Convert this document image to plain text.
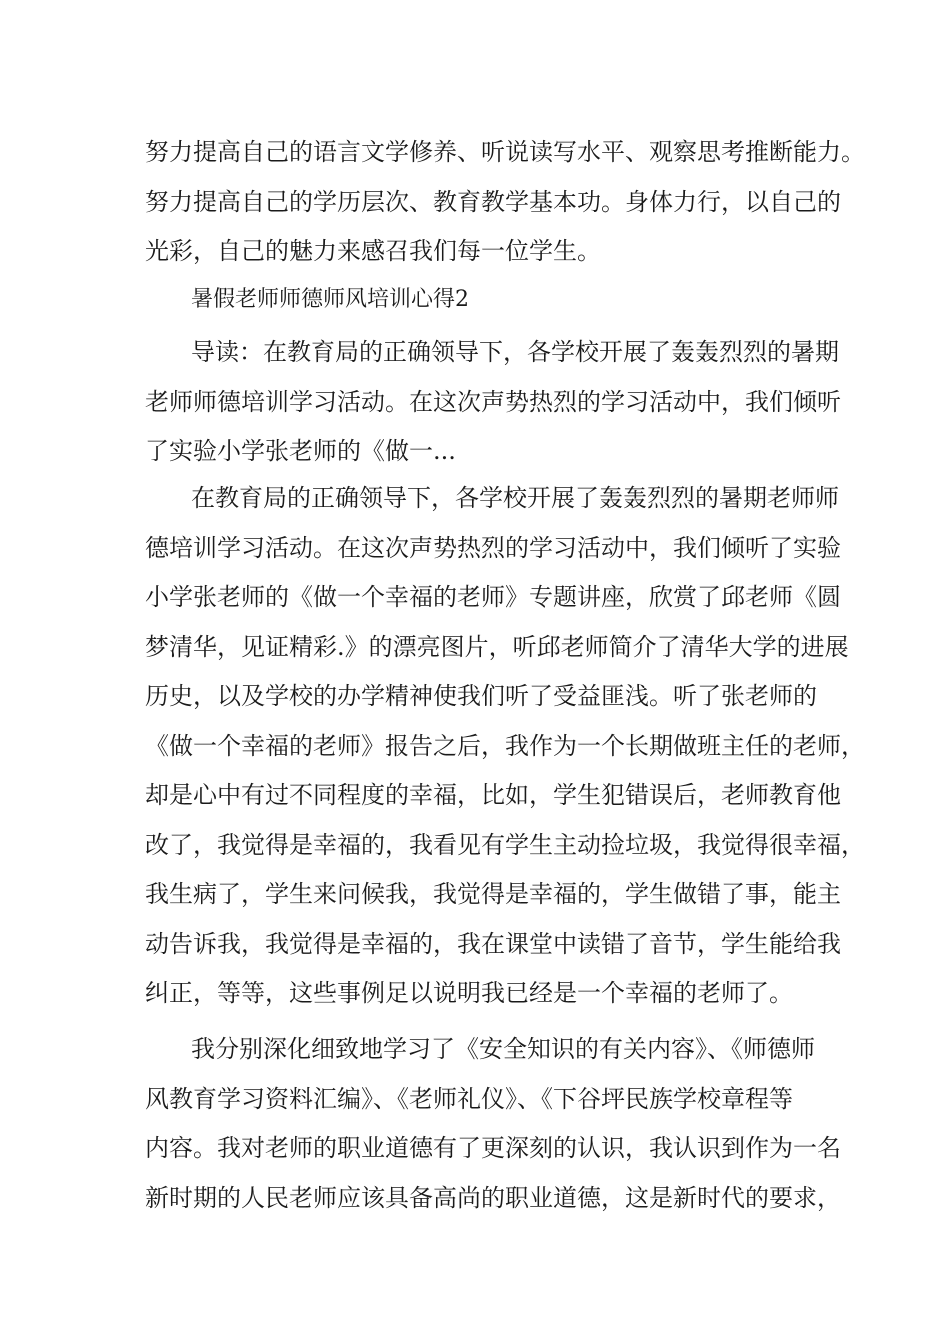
努力提高自己的语言文学修养、听说读写水平、观察思考推断能力。
努力提高自己的学历层次、教育教学基本功。身体力行，以自己的
光彩，自己的魅力来感召我们每一位学生。
暑假老师师德师风培训心得2
导读：在教育局的正确领导下，各学校开展了轰轰烈烈的暑期
老师师德培训学习活动。在这次声势热烈的学习活动中，我们倾听
了实验小学张老师的《做一...
在教育局的正确领导下，各学校开展了轰轰烈烈的暑期老师师
德培训学习活动。在这次声势热烈的学习活动中，我们倾听了实验
小学张老师的《做一个幸福的老师》专题讲座，欣赏了邱老师《圆
梦清华，见证精彩.》的漂亮图片，听邱老师简介了清华大学的进展
历史，以及学校的办学精神使我们听了受益匪浅。听了张老师的
《做一个幸福的老师》报告之后，我作为一个长期做班主任的老师，
却是心中有过不同程度的幸福，比如，学生犯错误后，老师教育他
改了，我觉得是幸福的，我看见有学生主动捡垃圾，我觉得很幸福，
我生病了，学生来问候我，我觉得是幸福的，学生做错了事，能主
动告诉我，我觉得是幸福的，我在课堂中读错了音节，学生能给我
纠正，等等，这些事例足以说明我已经是一个幸福的老师了。
我分别深化细致地学习了《安全知识的有关内容》、《师德师
风教育学习资料汇编》、《老师礼仪》、《下谷坪民族学校章程等
内容。我对老师的职业道德有了更深刻的认识，我认识到作为一名
新时期的人民老师应该具备高尚的职业道德，这是新时代的要求，
